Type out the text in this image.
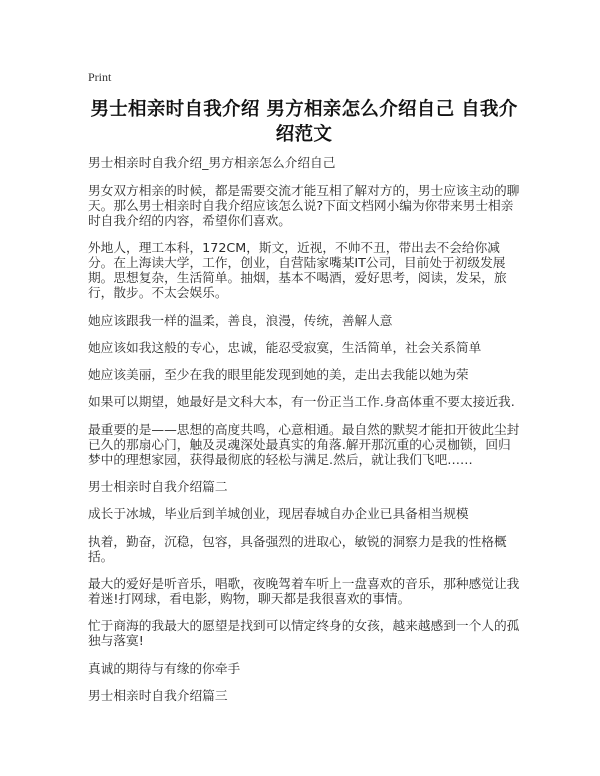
Print
男士相亲时自我介绍 男方相亲怎么介绍自己 自我介绍范文

男士相亲时自我介绍_男方相亲怎么介绍自己

男女双方相亲的时候，都是需要交流才能互相了解对方的，男士应该主动的聊天。那么男士相亲时自我介绍应该怎么说?下面文档网小编为你带来男士相亲时自我介绍的内容，希望你们喜欢。

外地人，理工本科，172CM，斯文，近视，不帅不丑，带出去不会给你减分。在上海读大学，工作，创业，自营陆家嘴某IT公司，目前处于初级发展期。思想复杂，生活简单。抽烟，基本不喝酒，爱好思考，阅读，发呆，旅行，散步。不太会娱乐。

她应该跟我一样的温柔，善良，浪漫，传统，善解人意

她应该如我这般的专心，忠诚，能忍受寂寞，生活简单，社会关系简单

她应该美丽，至少在我的眼里能发现到她的美，走出去我能以她为荣

如果可以期望，她最好是文科大本，有一份正当工作.身高体重不要太接近我.

最重要的是——思想的高度共鸣，心意相通。最自然的默契才能扣开彼此尘封已久的那扇心门，触及灵魂深处最真实的角落.解开那沉重的心灵枷锁，回归梦中的理想家园，获得最彻底的轻松与满足.然后，就让我们飞吧……

男士相亲时自我介绍篇二

成长于冰城，毕业后到羊城创业，现居春城自办企业已具备相当规模

执着，勤奋，沉稳，包容，具备强烈的进取心，敏锐的洞察力是我的性格概括。

最大的爱好是听音乐，唱歌，夜晚驾着车听上一盘喜欢的音乐，那种感觉让我着迷!打网球，看电影，购物，聊天都是我很喜欢的事情。

忙于商海的我最大的愿望是找到可以情定终身的女孩，越来越感到一个人的孤独与落寞!

真诚的期待与有缘的你牵手

男士相亲时自我介绍篇三
